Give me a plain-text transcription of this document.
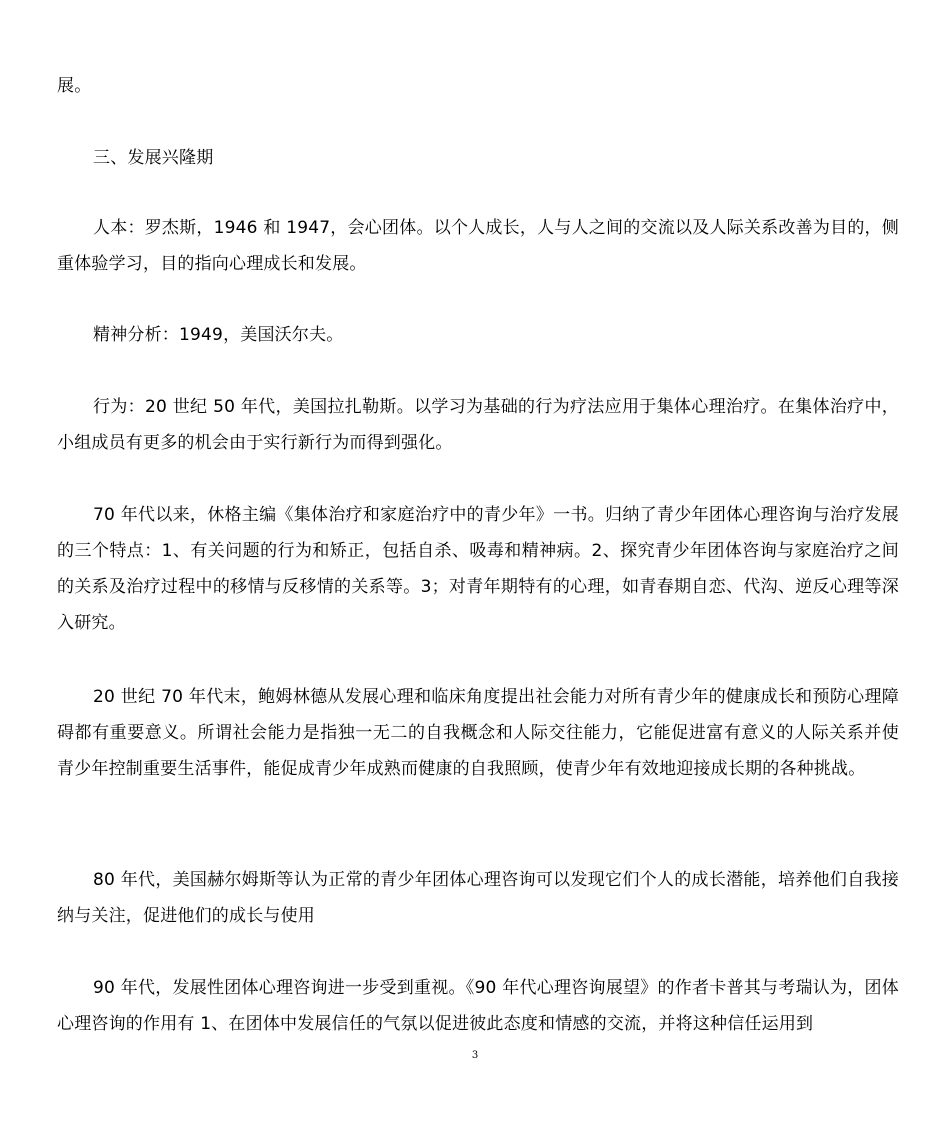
展。

三、发展兴隆期

人本：罗杰斯，1946 和 1947，会心团体。以个人成长，人与人之间的交流以及人际关系改善为目的，侧重体验学习，目的指向心理成长和发展。

精神分析：1949，美国沃尔夫。

行为：20 世纪 50 年代，美国拉扎勒斯。以学习为基础的行为疗法应用于集体心理治疗。在集体治疗中，小组成员有更多的机会由于实行新行为而得到强化。

70 年代以来，休格主编《集体治疗和家庭治疗中的青少年》一书。归纳了青少年团体心理咨询与治疗发展的三个特点：1、有关问题的行为和矫正，包括自杀、吸毒和精神病。2、探究青少年团体咨询与家庭治疗之间的关系及治疗过程中的移情与反移情的关系等。3；对青年期特有的心理，如青春期自恋、代沟、逆反心理等深入研究。

20 世纪 70 年代末，鲍姆林德从发展心理和临床角度提出社会能力对所有青少年的健康成长和预防心理障碍都有重要意义。所谓社会能力是指独一无二的自我概念和人际交往能力，它能促进富有意义的人际关系并使青少年控制重要生活事件，能促成青少年成熟而健康的自我照顾，使青少年有效地迎接成长期的各种挑战。

80 年代，美国赫尔姆斯等认为正常的青少年团体心理咨询可以发现它们个人的成长潜能，培养他们自我接纳与关注，促进他们的成长与使用

90 年代，发展性团体心理咨询进一步受到重视。《90 年代心理咨询展望》的作者卡普其与考瑞认为，团体心理咨询的作用有 1、在团体中发展信任的气氛以促进彼此态度和情感的交流，并将这种信任运用到

3
